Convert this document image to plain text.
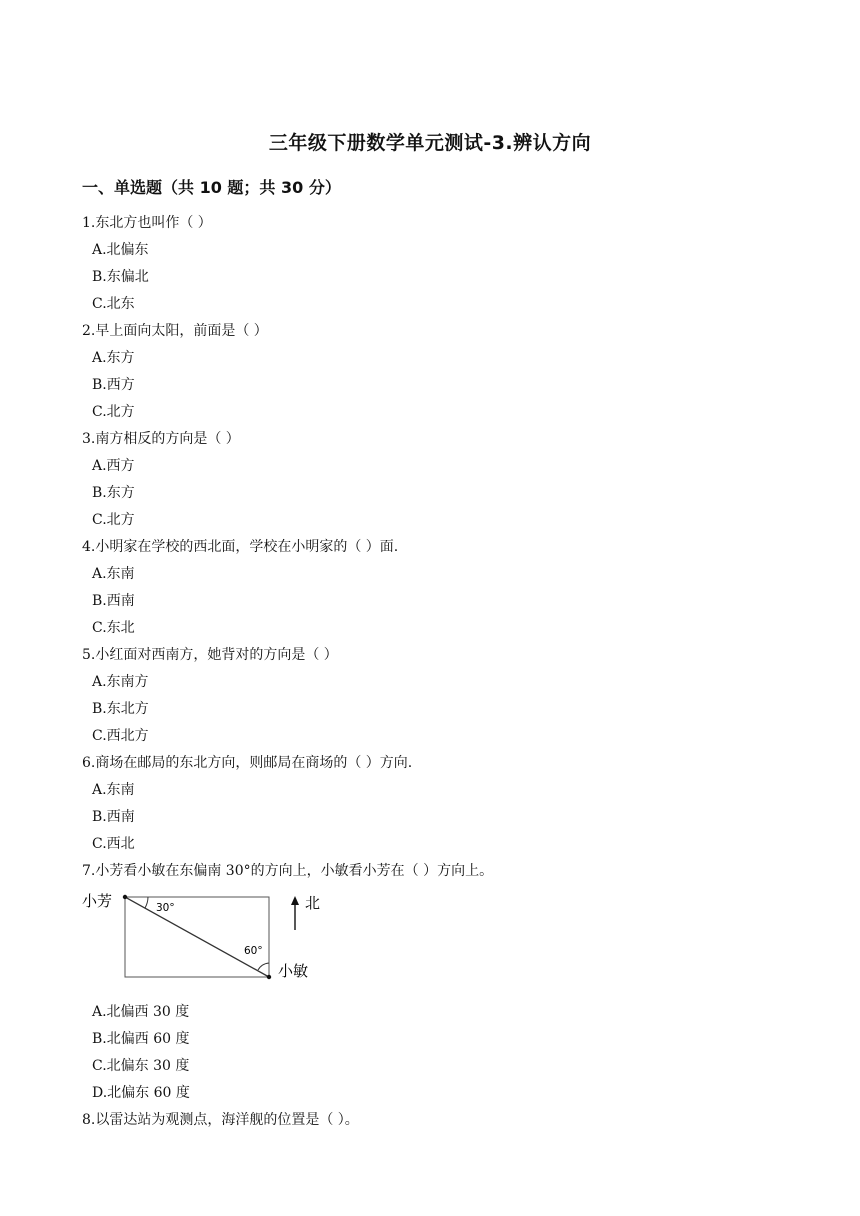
三年级下册数学单元测试-3.辨认方向
一、单选题（共 10 题；共 30 分）
1.东北方也叫作（ ）
A.北偏东
B.东偏北
C.北东
2.早上面向太阳，前面是（ ）
A.东方
B.西方
C.北方
3.南方相反的方向是（ ）
A.西方
B.东方
C.北方
4.小明家在学校的西北面，学校在小明家的（ ）面.
A.东南
B.西南
C.东北
5.小红面对西南方，她背对的方向是（ ）
A.东南方
B.东北方
C.西北方
6.商场在邮局的东北方向，则邮局在商场的（ ）方向.
A.东南
B.西南
C.西北
7.小芳看小敏在东偏南 30°的方向上，小敏看小芳在（ ）方向上。
30°
60°
小芳
小敏
北
A.北偏西 30 度
B.北偏西 60 度
C.北偏东 30 度
D.北偏东 60 度
8.以雷达站为观测点，海洋舰的位置是（ ）。
